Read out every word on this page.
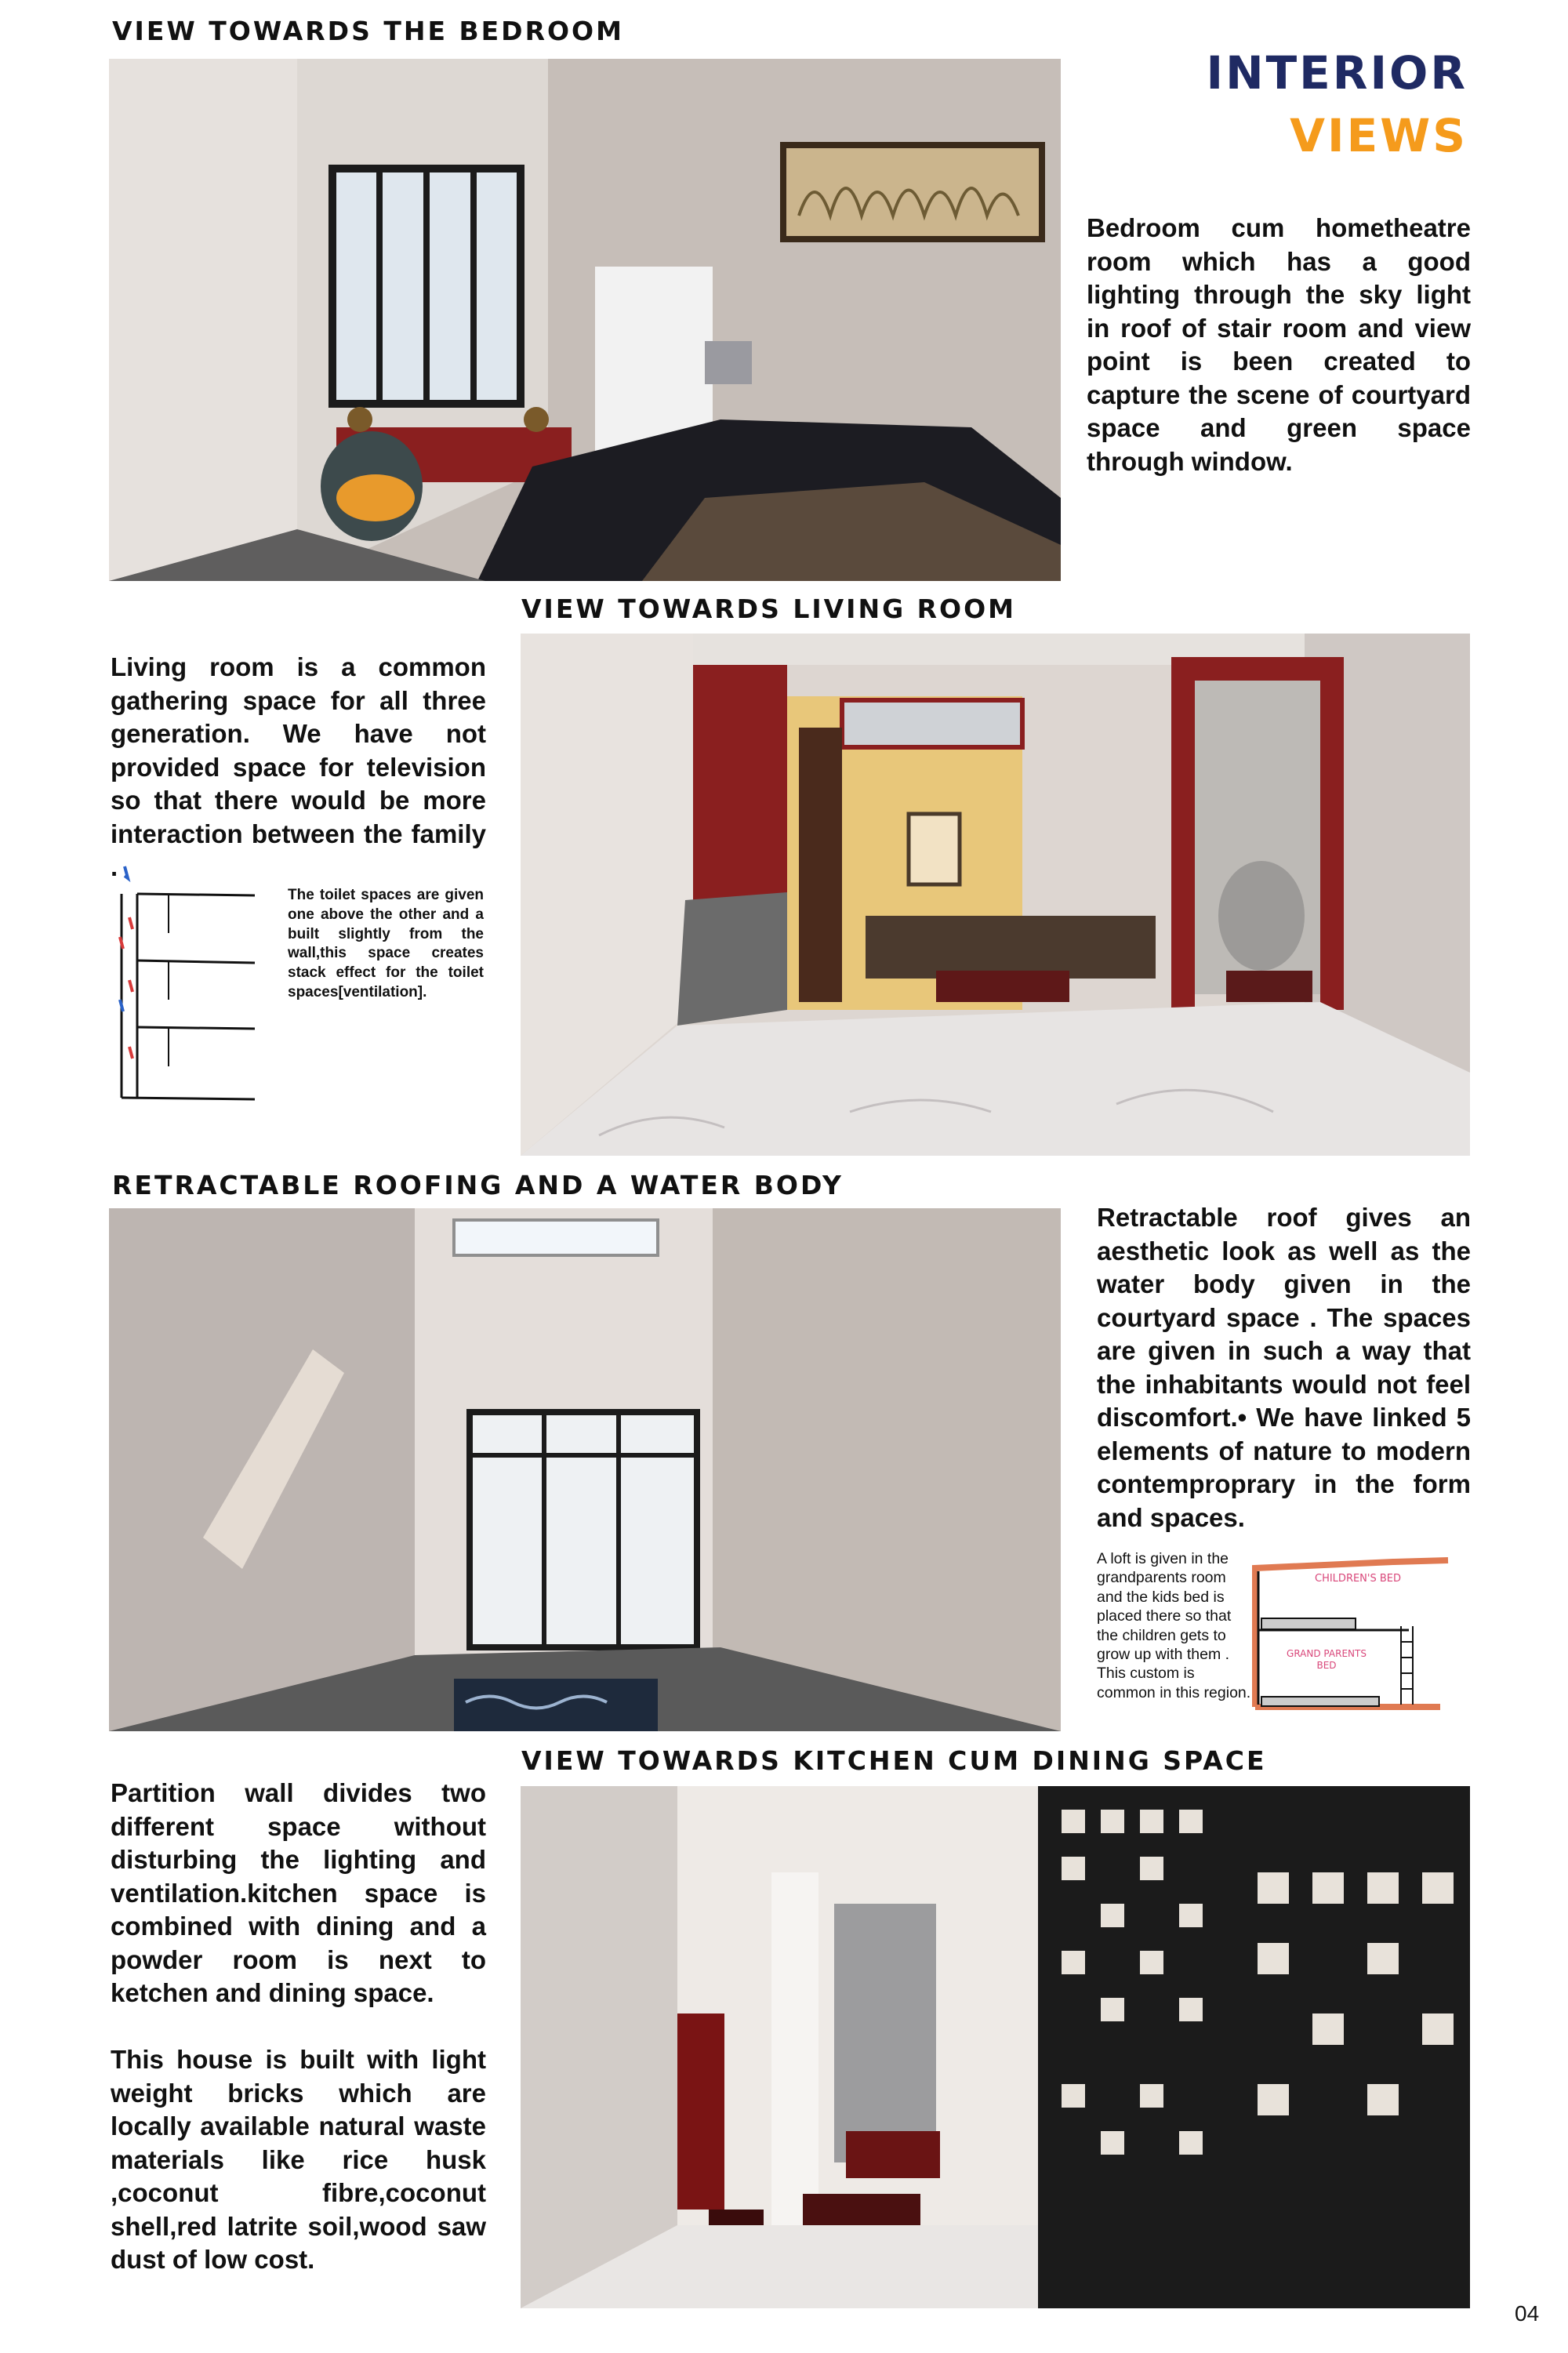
VIEW TOWARDS THE BEDROOM
INTERIOR
VIEWS

Bedroom cum hometheatre room which has a good lighting through the sky light in roof of stair room and view point is been created to capture the scene of courtyard space and green space through window.

VIEW TOWARDS LIVING ROOM

Living room is a common gathering space for all three generation. We have not provided space for television so that there would be more interaction between the family .

The toilet spaces are given one above the other and a built slightly from the wall,this space creates stack effect for the toilet spaces[ventilation].

RETRACTABLE ROOFING AND A WATER BODY

Retractable roof gives an aesthetic look as well as the water body given in the courtyard space . The spaces are given in such a way that the inhabitants would not feel discomfort.• We have linked 5 elements of nature to modern contemproprary in the form and spaces.

A loft is given in the grandparents room and the kids bed is placed there so that the children gets to grow up with them . This custom is common in this region.

CHILDREN'S BED
GRAND PARENTS BED
VIEW TOWARDS KITCHEN CUM DINING SPACE

Partition wall divides two different space without disturbing the lighting and ventilation.kitchen space is combined with dining and a powder room is next to ketchen and dining space.

This house is built with light weight bricks which are locally available natural waste materials like rice husk ,coconut fibre,coconut shell,red latrite soil,wood saw dust of low cost.

04
